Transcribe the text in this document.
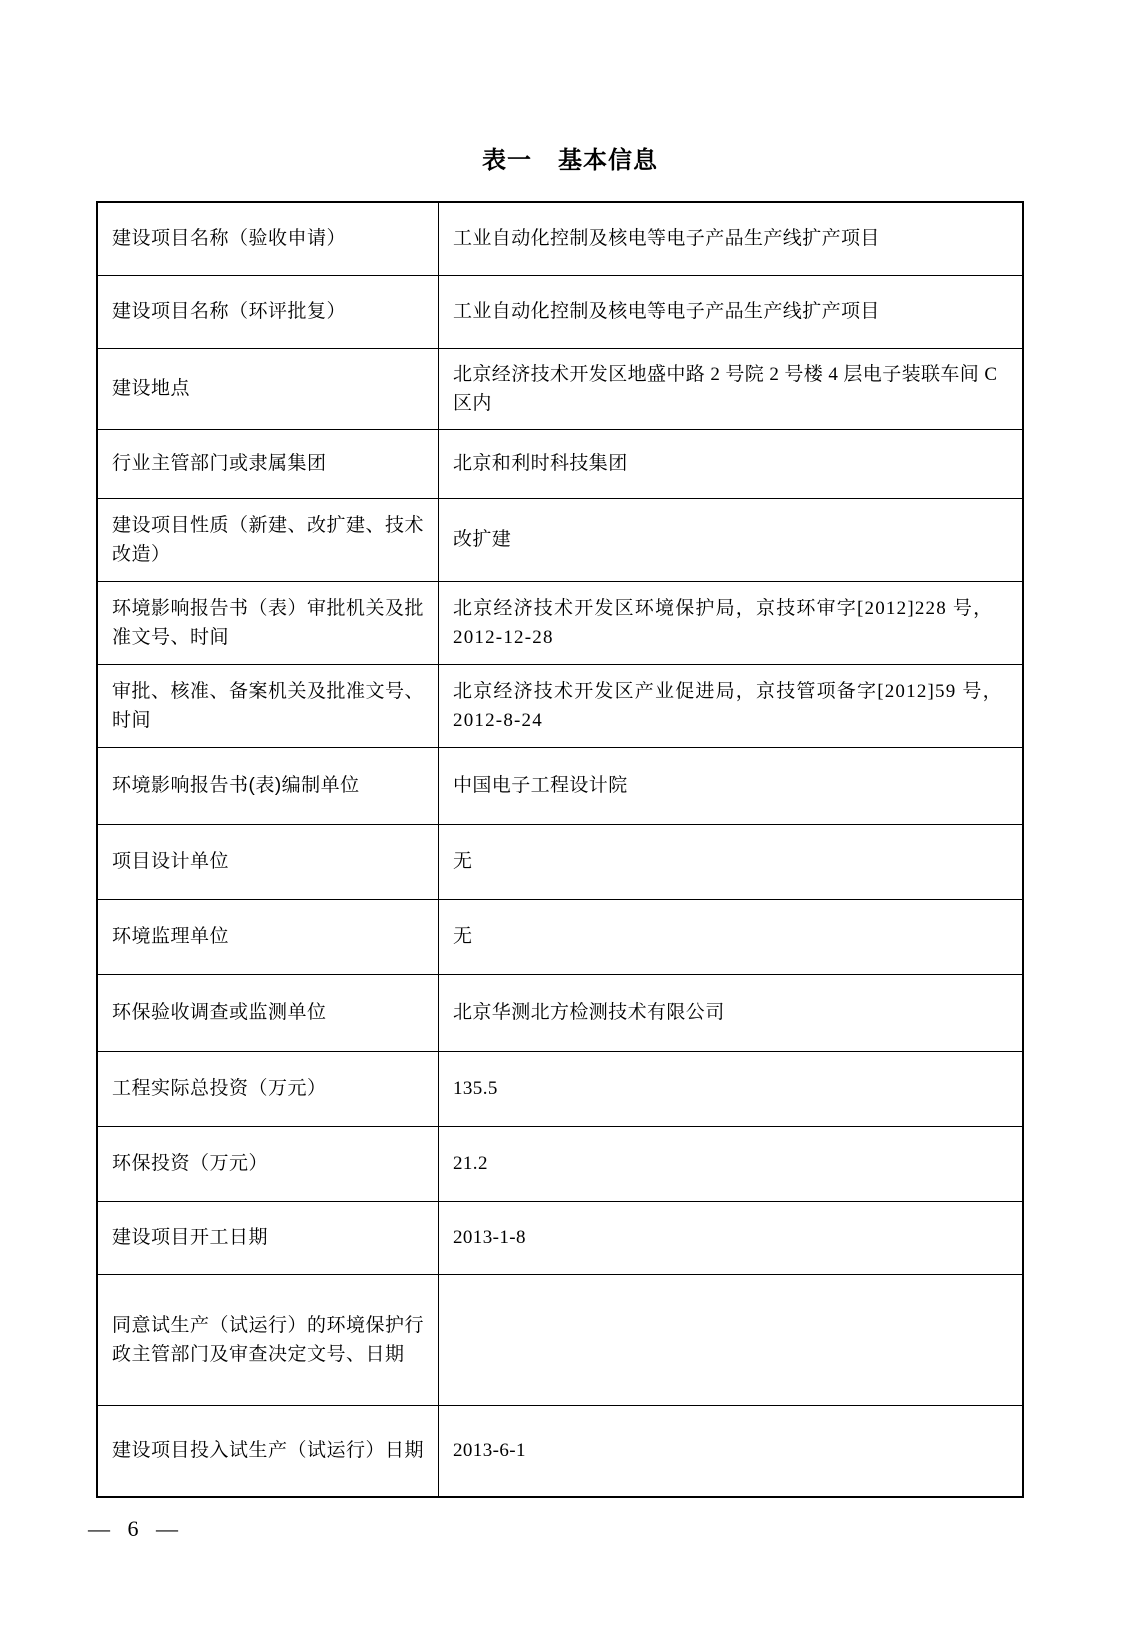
表一 基本信息
建设项目名称（验收申请）	工业自动化控制及核电等电子产品生产线扩产项目
建设项目名称（环评批复）	工业自动化控制及核电等电子产品生产线扩产项目
建设地点	北京经济技术开发区地盛中路 2 号院 2 号楼 4 层电子装联车间 C 区内
行业主管部门或隶属集团	北京和利时科技集团
建设项目性质（新建、改扩建、技术改造）	改扩建
环境影响报告书（表）审批机关及批准文号、时间	北京经济技术开发区环境保护局，京技环审字[2012]228 号，2012-12-28
审批、核准、备案机关及批准文号、时间	北京经济技术开发区产业促进局，京技管项备字[2012]59 号，2012-8-24
环境影响报告书(表)编制单位	中国电子工程设计院
项目设计单位	无
环境监理单位	无
环保验收调查或监测单位	北京华测北方检测技术有限公司
工程实际总投资（万元）	135.5
环保投资（万元）	21.2
建设项目开工日期	2013-1-8
同意试生产（试运行）的环境保护行政主管部门及审查决定文号、日期	
建设项目投入试生产（试运行）日期	2013-6-1
— 6 —
